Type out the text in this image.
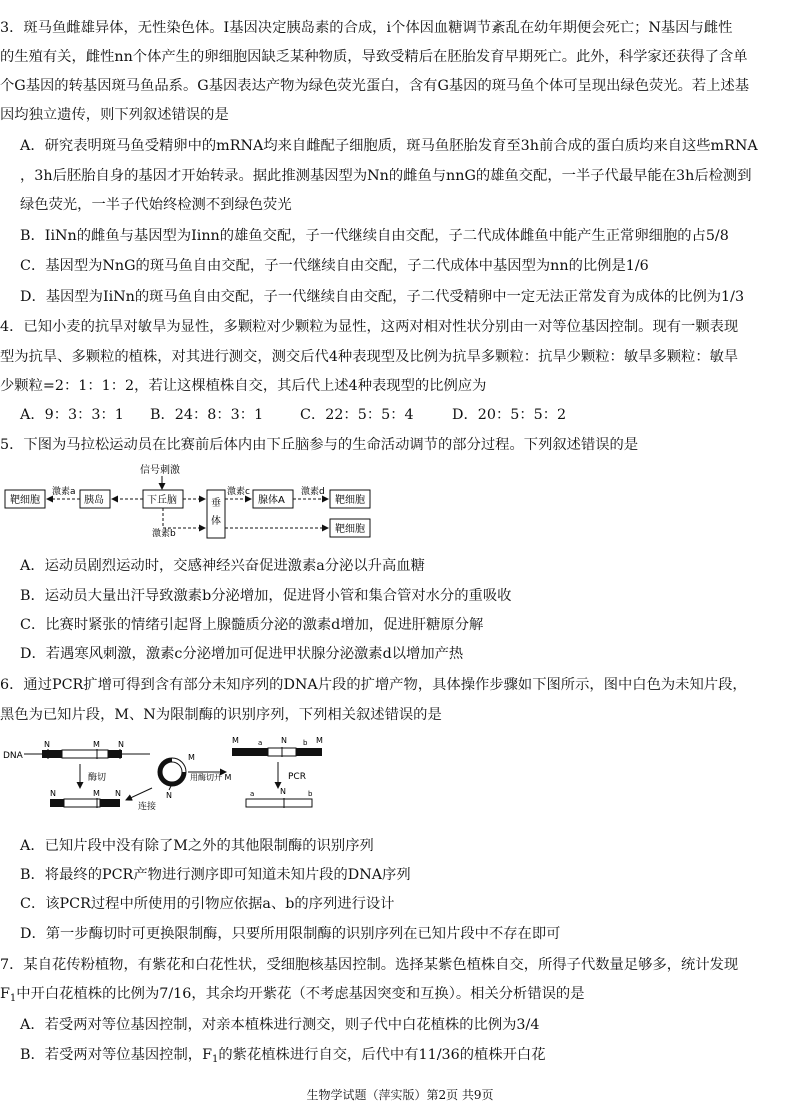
3．斑马鱼雌雄异体，无性染色体。Ⅰ基因决定胰岛素的合成，i个体因血糖调节紊乱在幼年期便会死亡；N基因与雌性
的生殖有关，雌性nn个体产生的卵细胞因缺乏某种物质，导致受精后在胚胎发育早期死亡。此外，科学家还获得了含单
个G基因的转基因斑马鱼品系。G基因表达产物为绿色荧光蛋白，含有G基因的斑马鱼个体可呈现出绿色荧光。若上述基
因均独立遗传，则下列叙述错误的是
A．研究表明斑马鱼受精卵中的mRNA均来自雌配子细胞质，斑马鱼胚胎发育至3h前合成的蛋白质均来自这些mRNA
，3h后胚胎自身的基因才开始转录。据此推测基因型为Nn的雌鱼与nnG的雄鱼交配，一半子代最早能在3h后检测到
绿色荧光，一半子代始终检测不到绿色荧光
B．IiNn的雌鱼与基因型为Iinn的雄鱼交配，子一代继续自由交配，子二代成体雌鱼中能产生正常卵细胞的占5/8
C．基因型为NnG的斑马鱼自由交配，子一代继续自由交配，子二代成体中基因型为nn的比例是1/6
D．基因型为IiNn的斑马鱼自由交配，子一代继续自由交配，子二代受精卵中一定无法正常发育为成体的比例为1/3
4．已知小麦的抗旱对敏旱为显性，多颗粒对少颗粒为显性，这两对相对性状分别由一对等位基因控制。现有一颗表现
型为抗旱、多颗粒的植株，对其进行测交，测交后代4种表现型及比例为抗旱多颗粒：抗旱少颗粒：敏旱多颗粒：敏旱
少颗粒=2：1：1：2，若让这棵植株自交，其后代上述4种表现型的比例应为
A．9：3：3：1 B．24：8：3：1	C．22：5：5：4	D．20：5：5：2
5．下图为马拉松运动员在比赛前后体内由下丘脑参与的生命活动调节的部分过程。下列叙述错误的是
信号刺激
靶细胞	胰岛	下丘脑	垂
体
腺体A	靶细胞
靶细胞
激素a	激素c	激素d
激素b
A．运动员剧烈运动时，交感神经兴奋促进激素a分泌以升高血糖
B．运动员大量出汗导致激素b分泌增加，促进肾小管和集合管对水分的重吸收
C．比赛时紧张的情绪引起肾上腺髓质分泌的激素d增加，促进肝糖原分解
D．若遇寒风刺激，激素c分泌增加可促进甲状腺分泌激素d以增加产热
6．通过PCR扩增可得到含有部分未知序列的DNA片段的扩增产物，具体操作步骤如下图所示，图中白色为未知片段，
黑色为已知片段，M、N为限制酶的识别序列，下列相关叙述错误的是
DNA
N	M N
酶切
N	M N
连接
M
N
用酶切开 M
M	a N b M
PCR
a	N	b
A．已知片段中没有除了M之外的其他限制酶的识别序列
B．将最终的PCR产物进行测序即可知道未知片段的DNA序列
C．该PCR过程中所使用的引物应依据a、b的序列进行设计
D．第一步酶切时可更换限制酶，只要所用限制酶的识别序列在已知片段中不存在即可
7．某自花传粉植物，有紫花和白花性状，受细胞核基因控制。选择某紫色植株自交，所得子代数量足够多，统计发现
$F_1$中开白花植株的比例为7/16，其余均开紫花（不考虑基因突变和互换）。相关分析错误的是
A．若受两对等位基因控制，对亲本植株进行测交，则子代中白花植株的比例为3/4
B．若受两对等位基因控制，$F_1$的紫花植株进行自交，后代中有11/36的植株开白花
生物学试题（萍实版）第2页 共9页
